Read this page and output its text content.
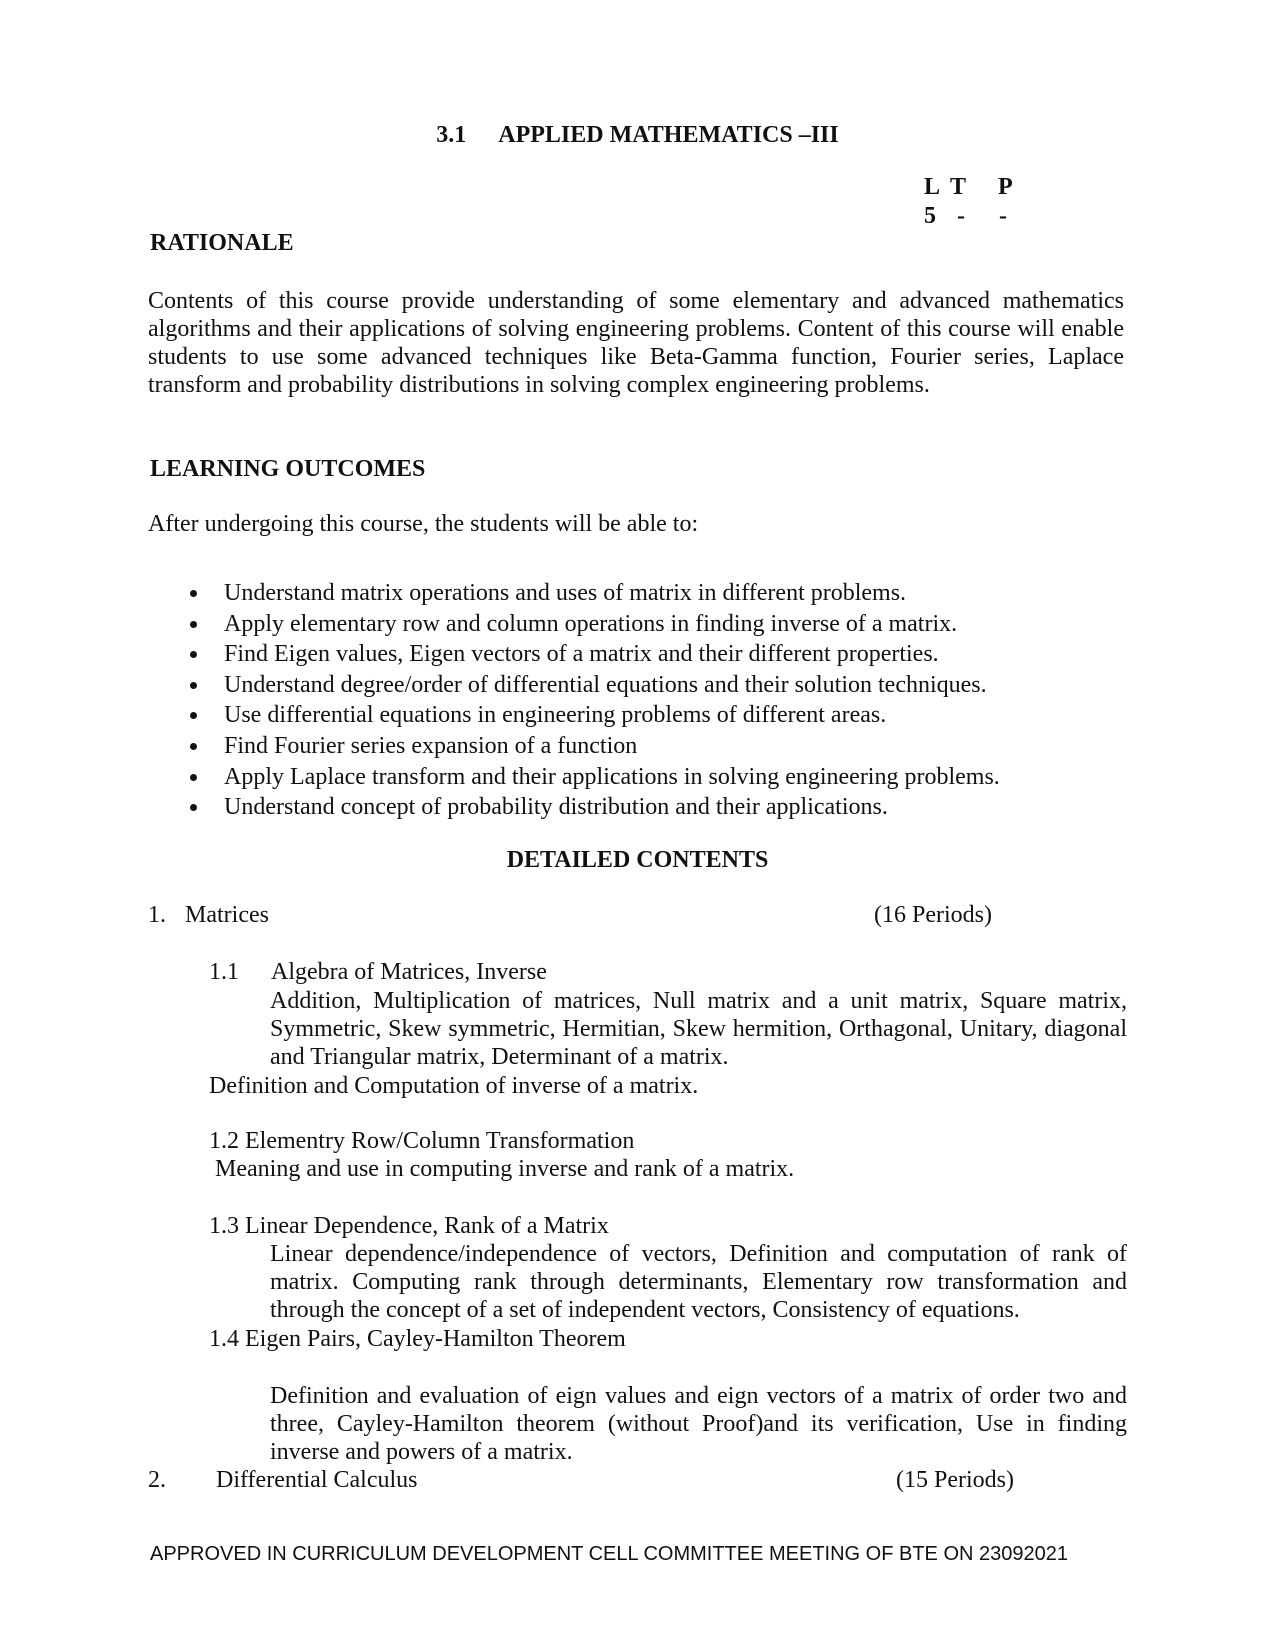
3.1 APPLIED MATHEMATICS –III
L T P
5 - -
RATIONALE
Contents of this course provide understanding of some elementary and advanced mathematics algorithms and their applications of solving engineering problems. Content of this course will enable students to use some advanced techniques like Beta-Gamma function, Fourier series, Laplace transform and probability distributions in solving complex engineering problems.
LEARNING OUTCOMES
After undergoing this course, the students will be able to:
Understand matrix operations and uses of matrix in different problems.
Apply elementary row and column operations in finding inverse of a matrix.
Find Eigen values, Eigen vectors of a matrix and their different properties.
Understand degree/order of differential equations and their solution techniques.
Use differential equations in engineering problems of different areas.
Find Fourier series expansion of a function
Apply Laplace transform and their applications in solving engineering problems.
Understand concept of probability distribution and their applications.
DETAILED CONTENTS
1. Matrices	(16 Periods)
1.1 Algebra of Matrices, Inverse
Addition, Multiplication of matrices, Null matrix and a unit matrix, Square matrix, Symmetric, Skew symmetric, Hermitian, Skew hermition, Orthagonal, Unitary, diagonal and Triangular matrix, Determinant of a matrix.
Definition and Computation of inverse of a matrix.
1.2 Elementry Row/Column Transformation
Meaning and use in computing inverse and rank of a matrix.
1.3 Linear Dependence, Rank of a Matrix
Linear dependence/independence of vectors, Definition and computation of rank of matrix. Computing rank through determinants, Elementary row transformation and through the concept of a set of independent vectors, Consistency of equations.
1.4 Eigen Pairs, Cayley-Hamilton Theorem
Definition and evaluation of eign values and eign vectors of a matrix of order two and three, Cayley-Hamilton theorem (without Proof)and its verification, Use in finding inverse and powers of a matrix.
2. Differential Calculus	(15 Periods)
APPROVED IN CURRICULUM DEVELOPMENT CELL COMMITTEE MEETING OF BTE ON 23092021
